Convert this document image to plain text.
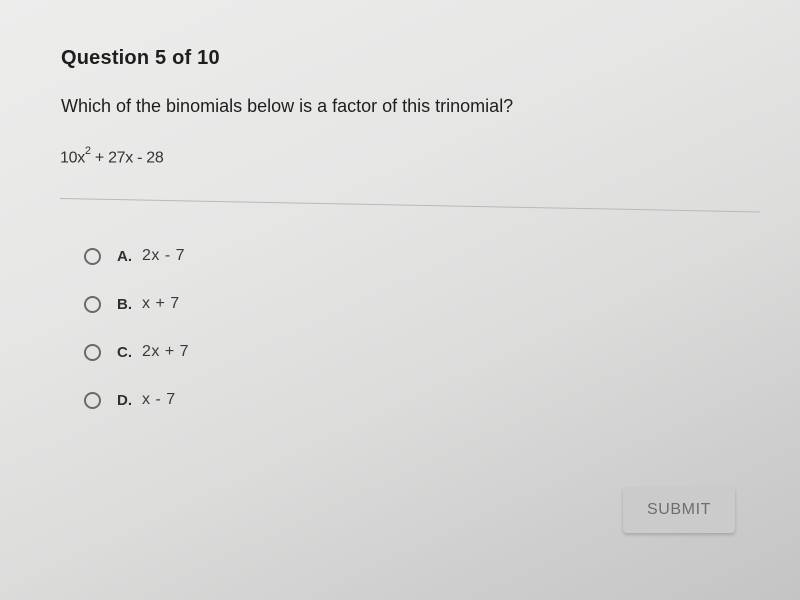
Question 5 of 10
Which of the binomials below is a factor of this trinomial?
$10x^2 + 27x - 28$
A. 2x - 7
B. x + 7
C. 2x + 7
D. x - 7
SUBMIT
